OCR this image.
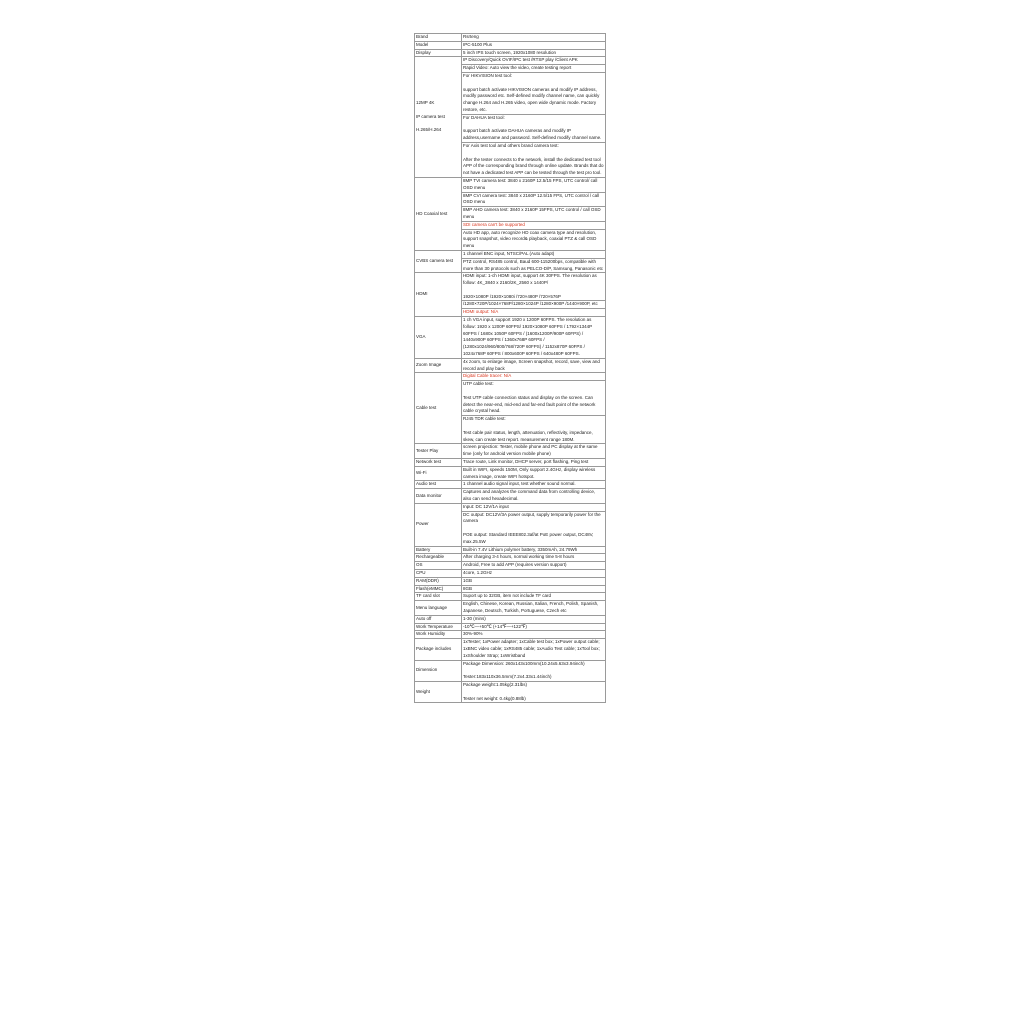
Brand	Rsrteng
Model	IPC-5100 Plus
Display	5 inch IPS touch screen, 1920x1080 resolution
12MP 4K

IP camera test

H.265/H.264	IP Discovery/Quick OVIF/IPC test /RTSP play /Client APK
	Rapid Video: Auto view the video, create testing report
	For HIKVISION test tool:

support batch activate HIKVISION cameras and modify IP address, modify password etc. Self-defined modify channel name, can quickly change H.264 and H.265 video, open wide dynamic mode. Factory restore, etc.
	For DAHUA test tool:

support batch activate DAHUA cameras and modify IP address,username and password. Self-defined modify channel name.
	For Axis test tool amd others brand camera test:

After the tester connects to the network, install the dedicated test tool APP of the corresponding brand through online update. Brands that do not have a dedicated test APP can be tested through the test pro tool.
HD Coaxial test	8MP TVI camera test: 3840 x 2160P 12.5/15 FPS, UTC control/ call OSD menu
	8MP CVI camera test: 3840 x 2160P 12.5/15 FPS, UTC control / call OSD menu
	8MP AHD camera test: 3840 x 2160P 15FPS, UTC control / call OSD menu
	SDI camera can't be supported
	Auto HD app, auto recognize HD coax camera type and resolution, support snapshot, video record& playback, coaxial PTZ & call OSD menu
CVBS camera test	1 channel BNC input, NTSC/PAL (Auto adapt)
	PTZ control, RS485 control, Baud 600-115200bps, compatible with more than 30 protocols such as PELCO-D/P, Samsung, Panasonic etc
HDMI	HDMI input: 1-ch HDMI input, support 4K 30FPS. The resolution as follow: 4K_3840 x 2160/2K_2560 x 1440P/

1920×1080P /1920×1080i /720×480P /720×576P
	/1280×720P/1024×768P/1280×1024P /1280×900P /1440×900P, etc
	HDMI output: N/A
VGA	1 ch VGA input, support 1920 x 1200P 60FPS. The resolution as follow: 1920 x 1200P 60FPS/ 1920×1080P 60FPS / 1792×1344P 60FPS / 1680x 1050P 60FPS / (1600x1200P/900P 60FPS) / 1440x900P 60FPS / 1360x768P 60FPS / (1280x1024/960/800/768/720P 60FPS) / 1152x870P 60FPS / 1024x768P 60FPS / 800x600P 60FPS / 640x480P 60FPS.
Zoom Image	4x zoom, to enlarge image, Screen snapshot, record, save, view and record and play back
Cable test	Digital Cable tracer: N/A
	UTP cable test:

Test UTP cable connection status and display on the screen. Can detect the near-end, mid-end and far-end fault point of the network cable crystal head.
	RJ45 TDR cable test:

Test cable pair status, length, attenuation, reflectivity, impedance, skew, can create test report. measurement range 180M.
Tester Play	screen projection: Tester, mobile phone and PC display at the same time (only for android version mobile phone)
Network test	Trace route, Link monitor, DHCP server, port flashing, Ping test
Wi-Fi	Built in WIFI, speeds 150M, Only support 2.4GHz, display wireless camera image, create WIFI hotspot.
Audio test	1 channel audio signal input, test whether sound normal.
Data monitor	Captures and analyzes the command data from controlling device, also can send hexadecimal.
Power	Input: DC 12V/1A input
	DC output: DC12V/3A power output, supply temporarily power for the camera

POE output: Standard IEEE802.3af/at PoE power output, DC48V, max.25.5W
Battery	Built-in 7.4V Lithium polymer battery, 3350mAh, 24.79Wh
Rechargeable	After charging 3-4 hours, normal working time 5-8 hours
OS	Android, Free to add APP (requires version support)
CPU	4core, 1.2GHz
RAM(DDR)	1GB
Flash(eMMC)	8GB
TF card slot	Suport up to 32GB, item not include TF card
Menu language	English, Chinese, Korean, Russian, Italian, French, Polish, Spanish, Japanese, Deutsch, Turkish, Portuguese, Czech etc
Auto off	1-30 (mins)
Work Temperature	-10℃—+50℃ (+14℉—+122℉)
Work Humidity	30%-90%
Package includes	1xTester; 1xPower adapter; 1xCable test box; 1xPower output cable; 1xBNC video cable; 1xRS485 cable; 1xAudio Test cable; 1xTool box; 1xShoulder Strap; 1xWristband
Dimension	Package Dimension: 260x143x100mm(10.24x5.63x3.94inch)

Tester:183x110x36.5mm(7.2x4.33x1.44inch)
Weight	Package weight:1.05kg(2.31lbs)

Tester net weight: 0.4kg(0.88lb)
